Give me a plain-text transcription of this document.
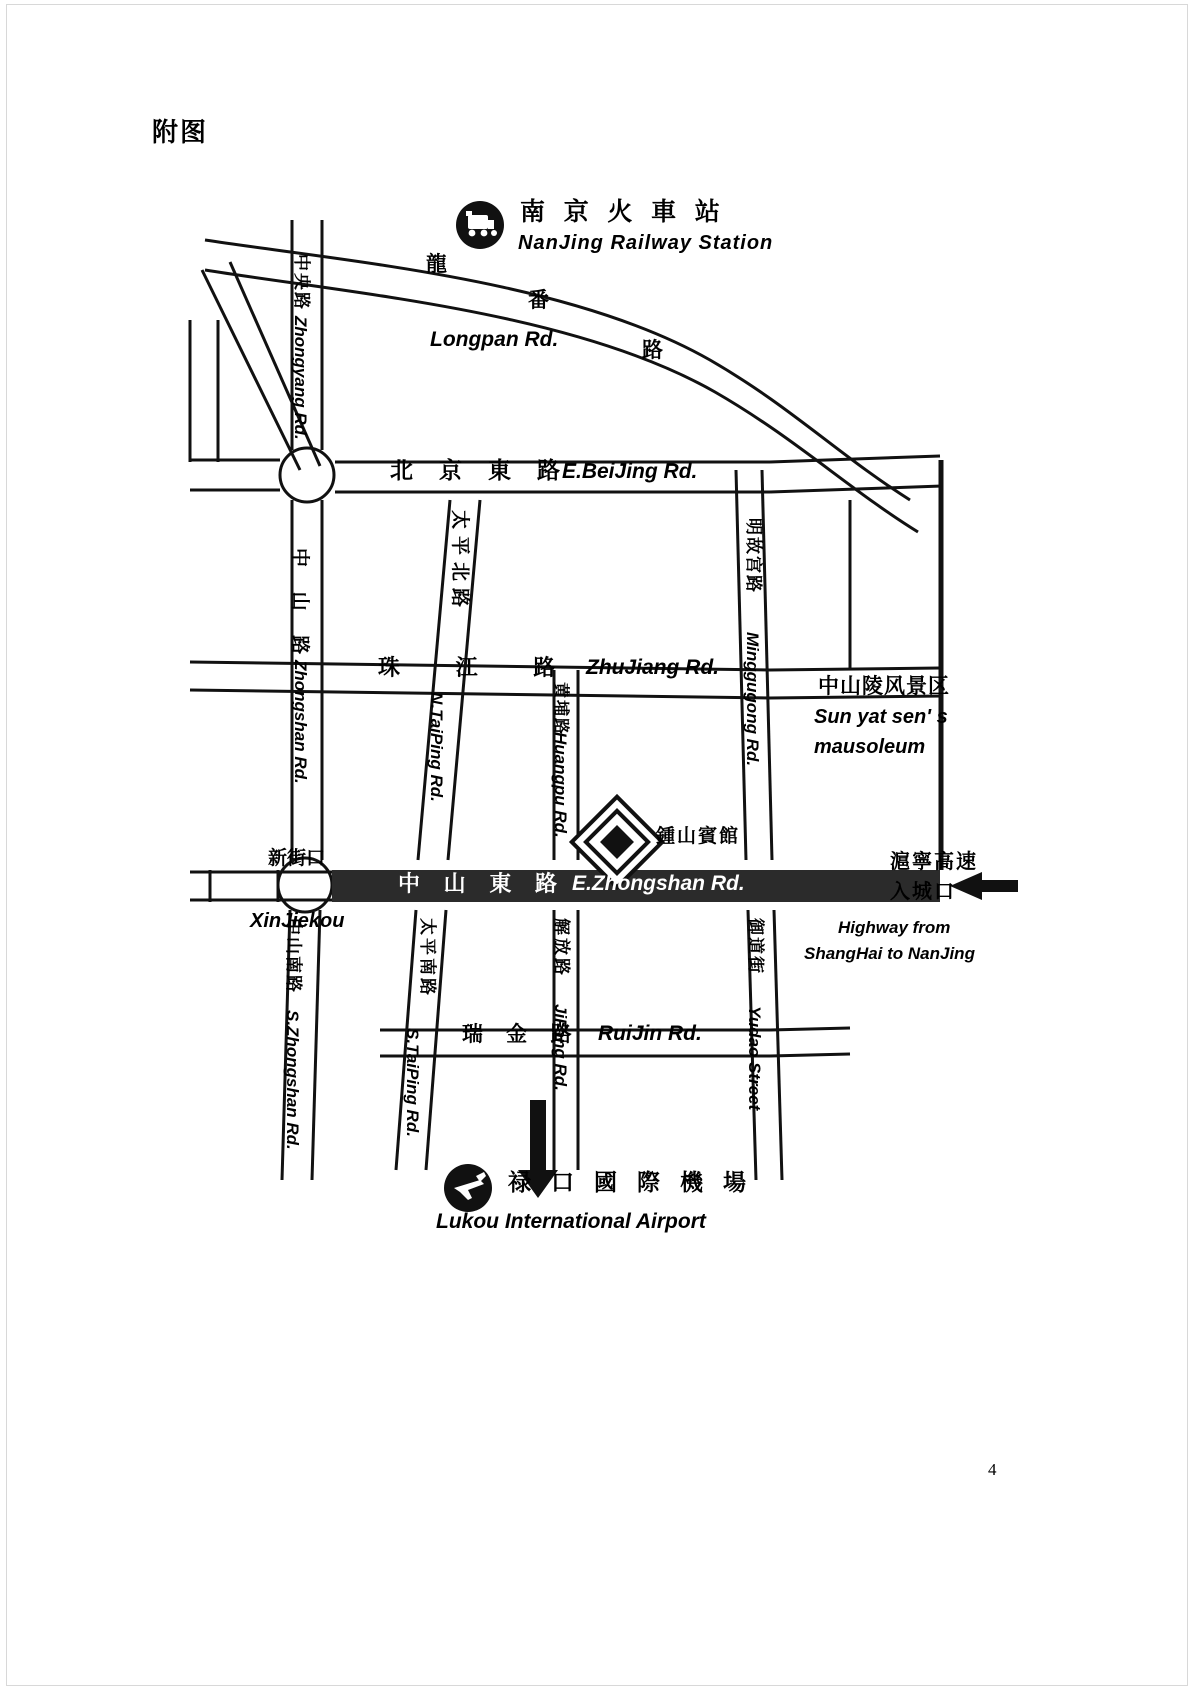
附图
4
南 京 火 車 站
NanJing Railway Station
龍
番
路
Longpan Rd.
中央路
Zhongyang Rd.
北 京 東 路
E.BeiJing Rd.
中 山 路
Zhongshan Rd.
太平北路
N.TaiPing Rd.
珠 江 路 ZhuJiang Rd.
黄埔路
Huangpu Rd.
明故宫路
Minggugong Rd.	中山陵风景区
Sun yat sen' s
mausoleum
鍾山賓館
新街口
XinJiekou
中 山 東 路 E.Zhongshan Rd.
滬寧高速
入城口
Highway from
ShangHai to NanJing
中山南路
S.Zhongshan Rd.
太平南路
S.TaiPing Rd.
解放路
JiFang Rd.
瑞 金 路 RuiJin Rd.
御道街
Yudao Street
禄 口 國 際 機 場
Lukou International Airport
